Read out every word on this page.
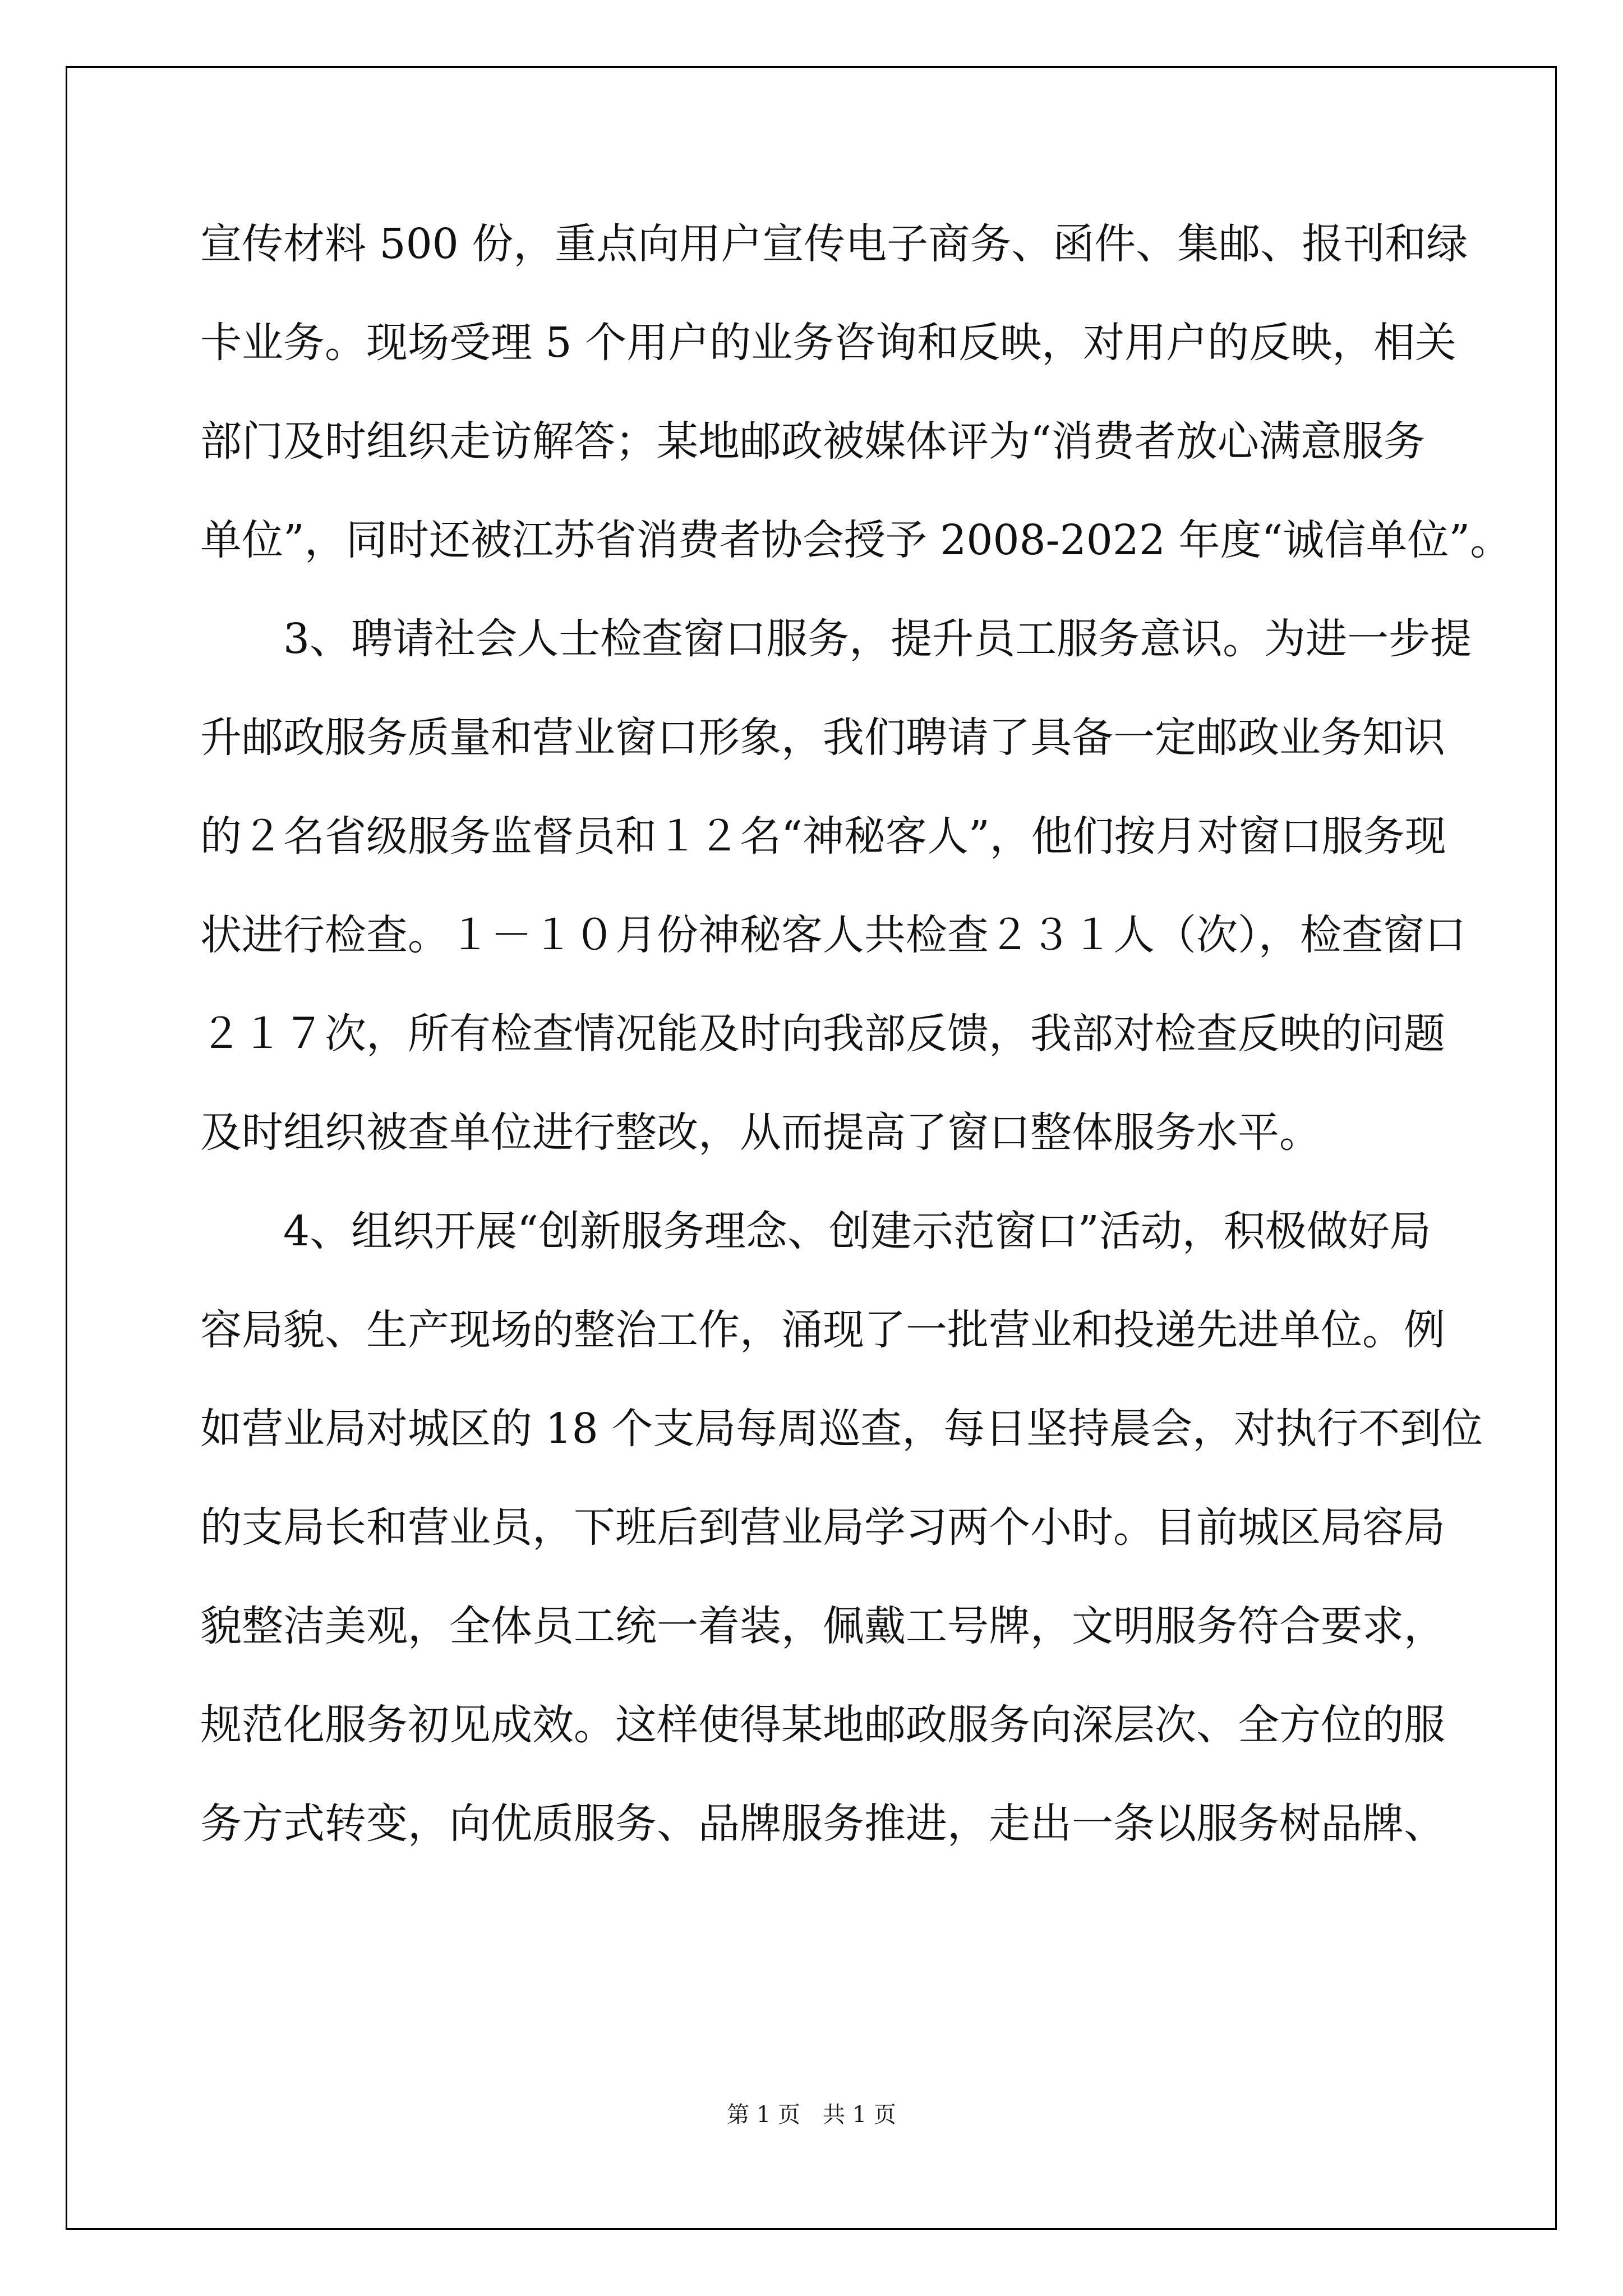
宣传材料 500 份，重点向用户宣传电子商务、函件、集邮、报刊和绿
卡业务。现场受理 5 个用户的业务咨询和反映，对用户的反映，相关
部门及时组织走访解答；某地邮政被媒体评为“消费者放心满意服务
单位”，同时还被江苏省消费者协会授予 2008-2022 年度“诚信单位”。
　　3、聘请社会人士检查窗口服务，提升员工服务意识。为进一步提
升邮政服务质量和营业窗口形象，我们聘请了具备一定邮政业务知识
的２名省级服务监督员和１２名“神秘客人”，他们按月对窗口服务现
状进行检查。１－１０月份神秘客人共检查２３１人（次），检查窗口
２１７次，所有检查情况能及时向我部反馈，我部对检查反映的问题
及时组织被查单位进行整改，从而提高了窗口整体服务水平。
　　4、组织开展“创新服务理念、创建示范窗口”活动，积极做好局
容局貌、生产现场的整治工作，涌现了一批营业和投递先进单位。例
如营业局对城区的 18 个支局每周巡查，每日坚持晨会，对执行不到位
的支局长和营业员，下班后到营业局学习两个小时。目前城区局容局
貌整洁美观，全体员工统一着装，佩戴工号牌，文明服务符合要求，
规范化服务初见成效。这样使得某地邮政服务向深层次、全方位的服
务方式转变，向优质服务、品牌服务推进，走出一条以服务树品牌、
第 1 页　共 1 页
